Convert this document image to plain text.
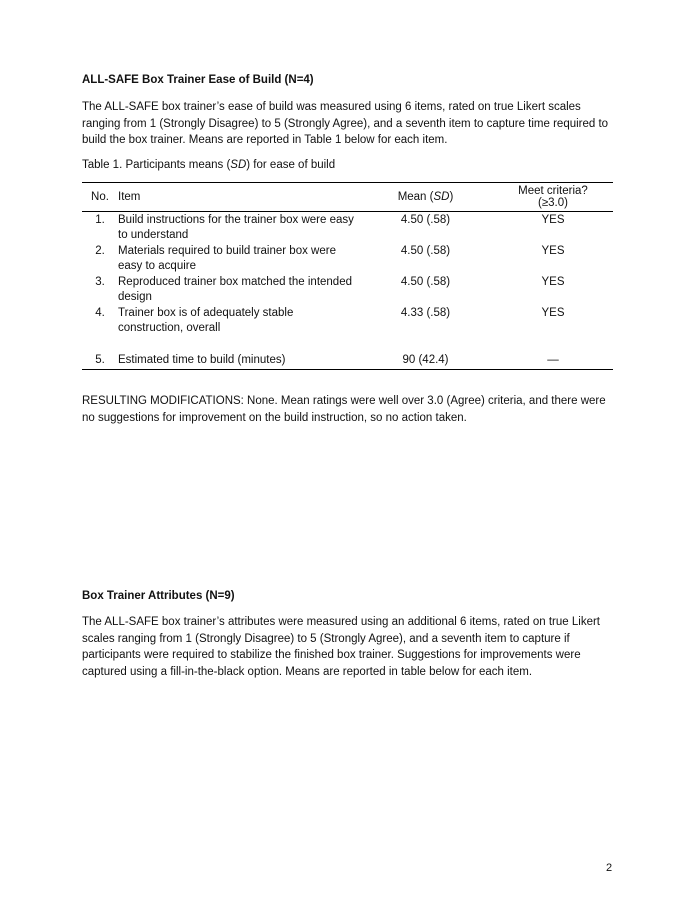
ALL-SAFE Box Trainer Ease of Build (N=4)
The ALL-SAFE box trainer’s ease of build was measured using 6 items, rated on true Likert scales ranging from 1 (Strongly Disagree) to 5 (Strongly Agree), and a seventh item to capture time required to build the box trainer. Means are reported in Table 1 below for each item.
Table 1. Participants means (SD) for ease of build
No.	Item	Mean (SD)	Meet criteria?
(≥3.0)

1.	Build instructions for the trainer box were easy to understand	4.50 (.58)	YES
2.	Materials required to build trainer box were easy to acquire	4.50 (.58)	YES
3.	Reproduced trainer box matched the intended design	4.50 (.58)	YES
4.	Trainer box is of adequately stable construction, overall	4.33 (.58)	YES

5.	Estimated time to build (minutes)	90 (42.4)	—
RESULTING MODIFICATIONS: None. Mean ratings were well over 3.0 (Agree) criteria, and there were no suggestions for improvement on the build instruction, so no action taken.
Box Trainer Attributes (N=9)
The ALL-SAFE box trainer’s attributes were measured using an additional 6 items, rated on true Likert scales ranging from 1 (Strongly Disagree) to 5 (Strongly Agree), and a seventh item to capture if participants were required to stabilize the finished box trainer. Suggestions for improvements were captured using a fill-in-the-black option. Means are reported in table below for each item.
2
